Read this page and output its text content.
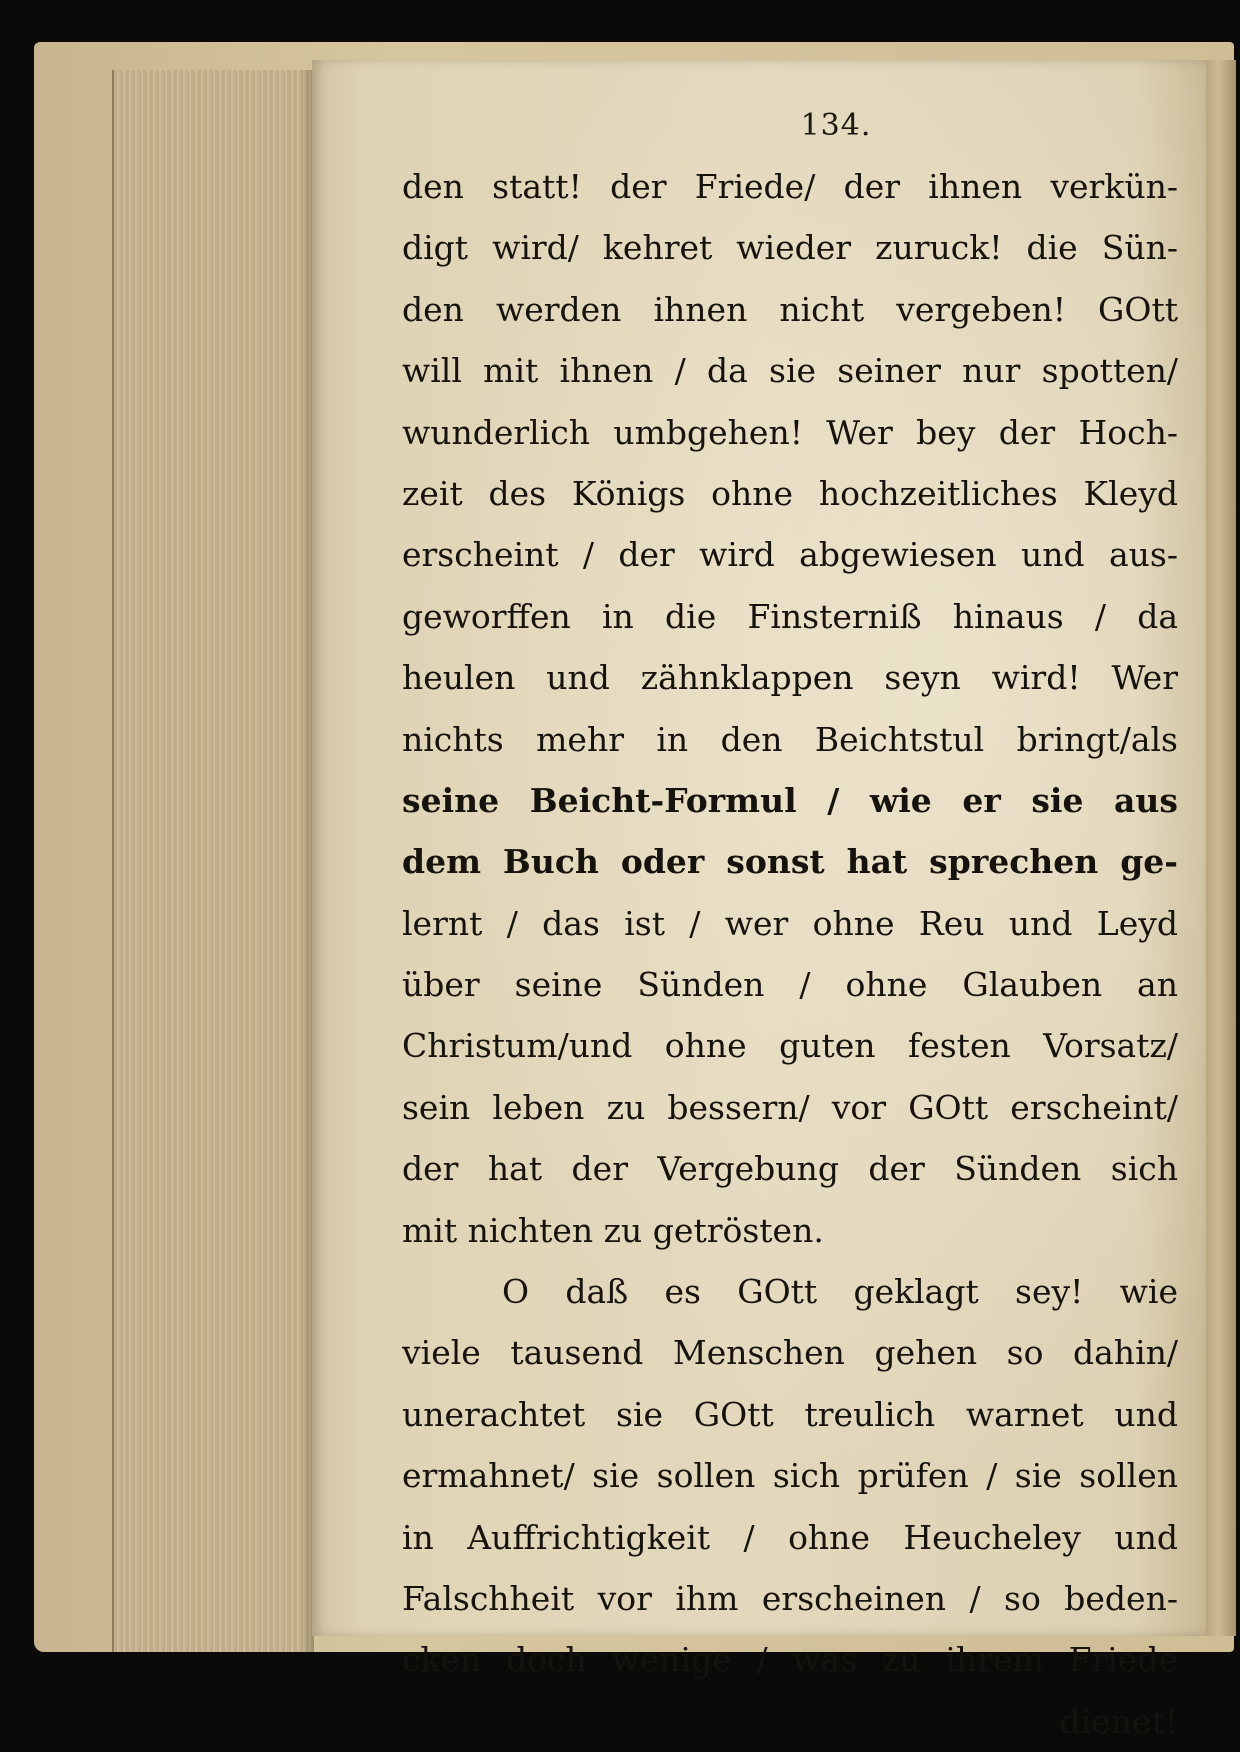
134.
den statt! der Friede/ der ihnen verkün-
digt wird/ kehret wieder zuruck! die Sün-
den werden ihnen nicht vergeben! GOtt
will mit ihnen / da sie seiner nur spotten/
wunderlich umbgehen! Wer bey der Hoch-
zeit des Königs ohne hochzeitliches Kleyd
erscheint / der wird abgewiesen und aus-
geworffen in die Finsterniß hinaus / da
heulen und zähnklappen seyn wird! Wer
nichts mehr in den Beichtstul bringt/als
seine Beicht-Formul / wie er sie aus
dem Buch oder sonst hat sprechen ge-
lernt / das ist / wer ohne Reu und Leyd
über seine Sünden / ohne Glauben an
Christum/und ohne guten festen Vorsatz/
sein leben zu bessern/ vor GOtt erscheint/
der hat der Vergebung der Sünden sich
mit nichten zu getrösten.
O daß es GOtt geklagt sey! wie
viele tausend Menschen gehen so dahin/
unerachtet sie GOtt treulich warnet und
ermahnet/ sie sollen sich prüfen / sie sollen
in Auffrichtigkeit / ohne Heucheley und
Falschheit vor ihm erscheinen / so beden-
cken doch wenige / was zu ihrem Friede
dienet!
